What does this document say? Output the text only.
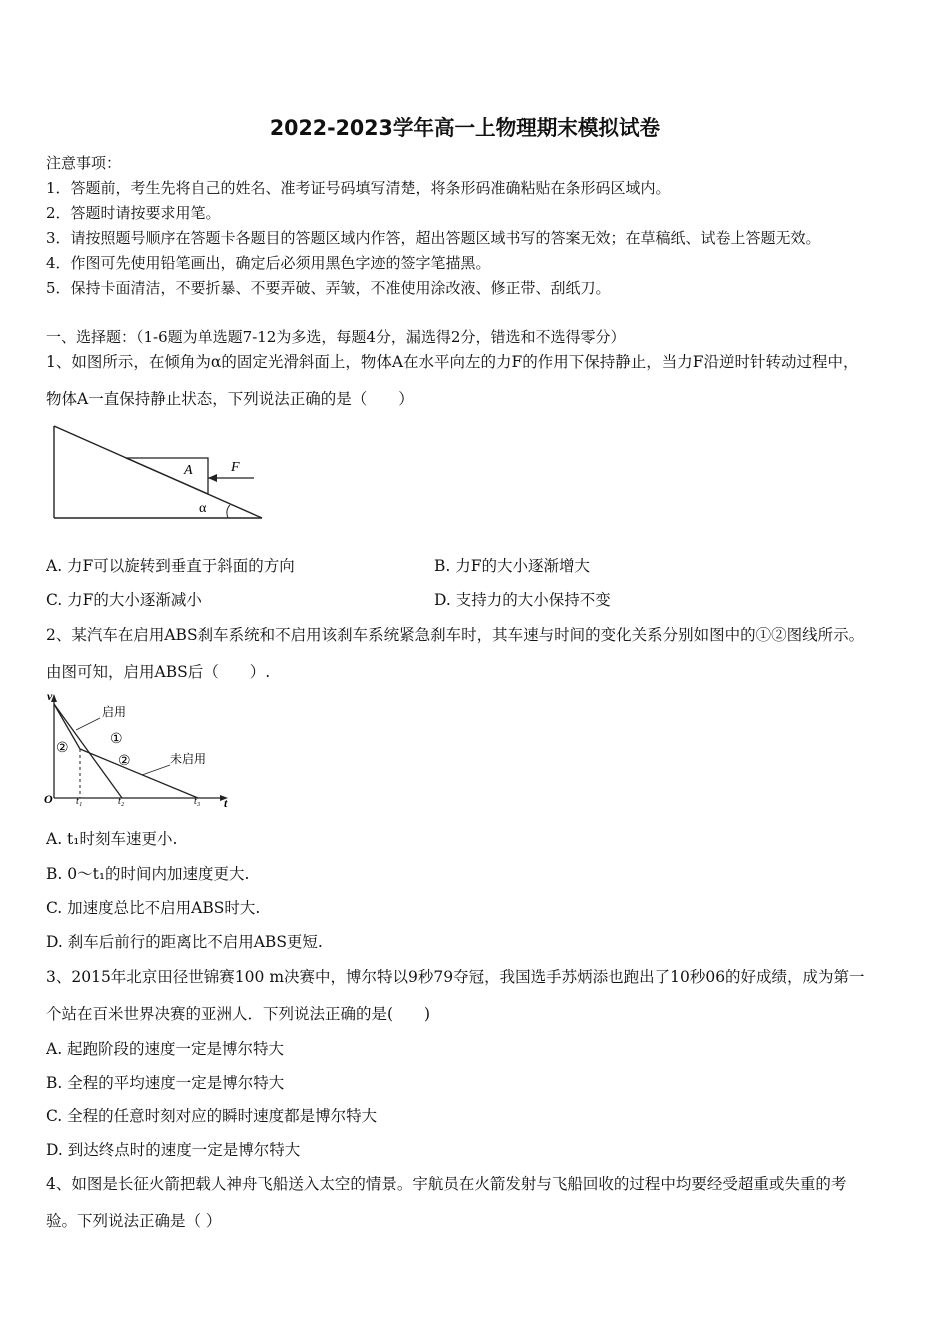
2022-2023学年高一上物理期末模拟试卷
注意事项：
1．答题前，考生先将自己的姓名、准考证号码填写清楚，将条形码准确粘贴在条形码区域内。
2．答题时请按要求用笔。
3．请按照题号顺序在答题卡各题目的答题区域内作答，超出答题区域书写的答案无效；在草稿纸、试卷上答题无效。
4．作图可先使用铅笔画出，确定后必须用黑色字迹的签字笔描黑。
5．保持卡面清洁，不要折暴、不要弄破、弄皱，不准使用涂改液、修正带、刮纸刀。
一、选择题：（1-6题为单选题7-12为多选，每题4分，漏选得2分，错选和不选得零分）
1、如图所示，在倾角为α的固定光滑斜面上，物体A在水平向左的力F的作用下保持静止，当力F沿逆时针转动过程中，
物体A一直保持静止状态，下列说法正确的是（　　）
A	F
α
A. 力F可以旋转到垂直于斜面的方向	B. 力F的大小逐渐增大
C. 力F的大小逐渐减小	D. 支持力的大小保持不变
2、某汽车在启用ABS刹车系统和不启用该刹车系统紧急刹车时，其车速与时间的变化关系分别如图中的①②图线所示。
由图可知，启用ABS后（　　）.
v
t
O t₁	t₂	t₃
启用
未启用
①
②
②
A. t₁时刻车速更小.
B. 0～t₁的时间内加速度更大.
C. 加速度总比不启用ABS时大.
D. 刹车后前行的距离比不启用ABS更短.
3、2015年北京田径世锦赛100 m决赛中，博尔特以9秒79夺冠，我国选手苏炳添也跑出了10秒06的好成绩，成为第一
个站在百米世界决赛的亚洲人．下列说法正确的是(　　)
A. 起跑阶段的速度一定是博尔特大
B. 全程的平均速度一定是博尔特大
C. 全程的任意时刻对应的瞬时速度都是博尔特大
D. 到达终点时的速度一定是博尔特大
4、如图是长征火箭把载人神舟飞船送入太空的情景。宇航员在火箭发射与飞船回收的过程中均要经受超重或失重的考
验。下列说法正确是（ ）
